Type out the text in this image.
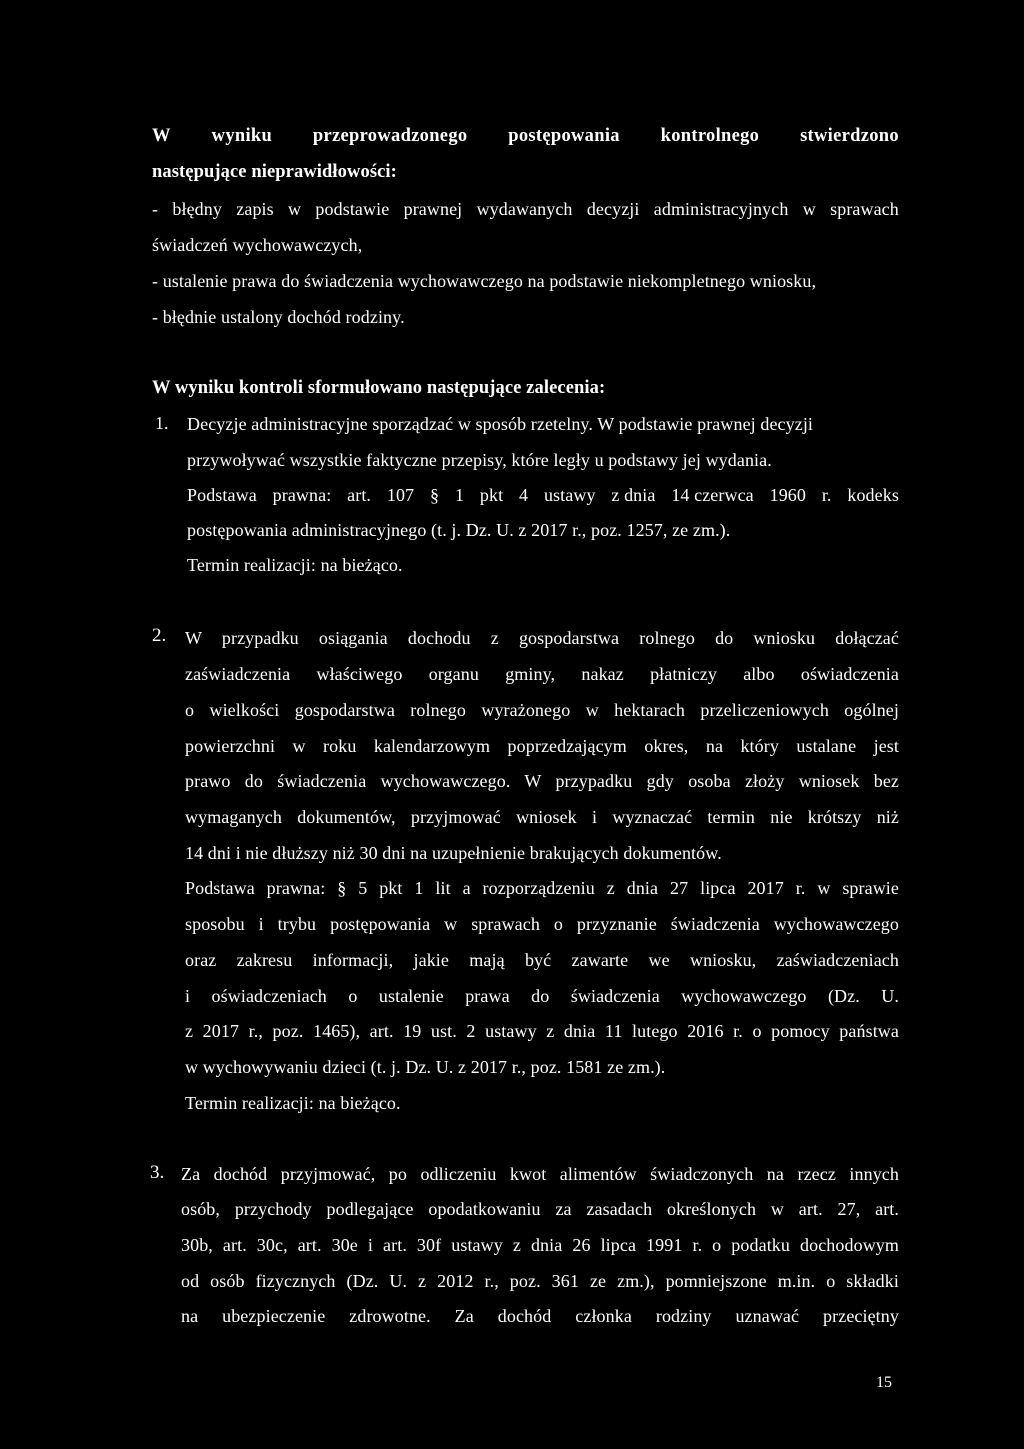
W wyniku przeprowadzonego postępowania kontrolnego stwierdzono
następujące nieprawidłowości:
- błędny zapis w podstawie prawnej wydawanych decyzji administracyjnych w sprawach
świadczeń wychowawczych,
- ustalenie prawa do świadczenia wychowawczego na podstawie niekompletnego wniosku,
- błędnie ustalony dochód rodziny.
W wyniku kontroli sformułowano następujące zalecenia:
1. Decyzje administracyjne sporządzać w sposób rzetelny. W podstawie prawnej decyzji
przywoływać wszystkie faktyczne przepisy, które legły u podstawy jej wydania.
Podstawa prawna: art. 107 § 1 pkt 4 ustawy z dnia 14 czerwca 1960 r. kodeks
postępowania administracyjnego (t. j. Dz. U. z 2017 r., poz. 1257, ze zm.).
Termin realizacji: na bieżąco.
2. W przypadku osiągania dochodu z gospodarstwa rolnego do wniosku dołączać
zaświadczenia właściwego organu gminy, nakaz płatniczy albo oświadczenia
o wielkości gospodarstwa rolnego wyrażonego w hektarach przeliczeniowych ogólnej
powierzchni w roku kalendarzowym poprzedzającym okres, na który ustalane jest
prawo do świadczenia wychowawczego. W przypadku gdy osoba złoży wniosek bez
wymaganych dokumentów, przyjmować wniosek i wyznaczać termin nie krótszy niż
14 dni i nie dłuższy niż 30 dni na uzupełnienie brakujących dokumentów.
Podstawa prawna: § 5 pkt 1 lit a rozporządzeniu z dnia 27 lipca 2017 r. w sprawie
sposobu i trybu postępowania w sprawach o przyznanie świadczenia wychowawczego
oraz zakresu informacji, jakie mają być zawarte we wniosku, zaświadczeniach
i oświadczeniach o ustalenie prawa do świadczenia wychowawczego (Dz. U.
z 2017 r., poz. 1465), art. 19 ust. 2 ustawy z dnia 11 lutego 2016 r. o pomocy państwa
w wychowywaniu dzieci (t. j. Dz. U. z 2017 r., poz. 1581 ze zm.).
Termin realizacji: na bieżąco.
3. Za dochód przyjmować, po odliczeniu kwot alimentów świadczonych na rzecz innych
osób, przychody podlegające opodatkowaniu za zasadach określonych w art. 27, art.
30b, art. 30c, art. 30e i art. 30f ustawy z dnia 26 lipca 1991 r. o podatku dochodowym
od osób fizycznych (Dz. U. z 2012 r., poz. 361 ze zm.), pomniejszone m.in. o składki
na ubezpieczenie zdrowotne. Za dochód członka rodziny uznawać przeciętny
15
